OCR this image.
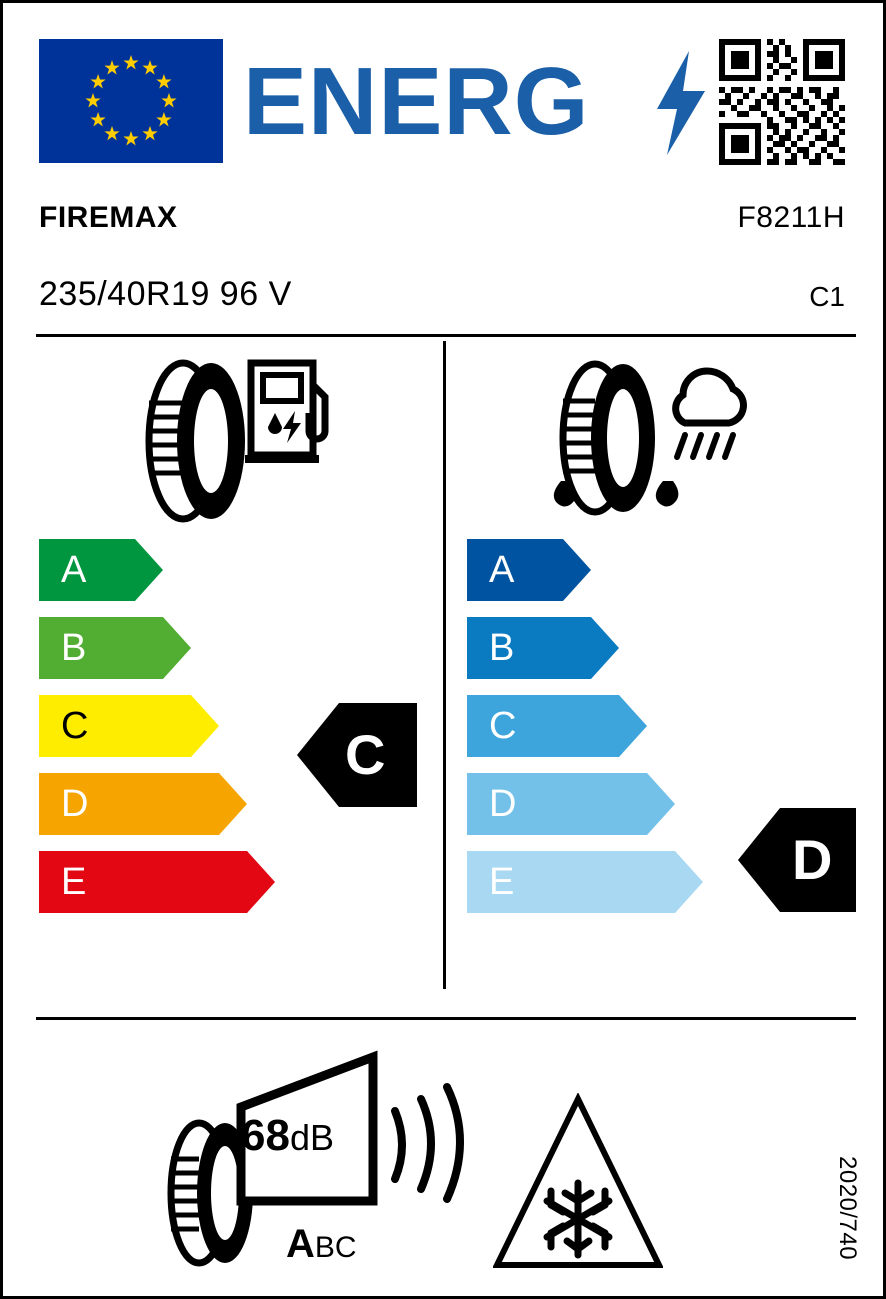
ENERG
FIREMAX	F8211H
235/40R19 96 V	C1
A
B
C
D
E
C
A
B
C
D
E	D
68dB
ABC	2020/740
